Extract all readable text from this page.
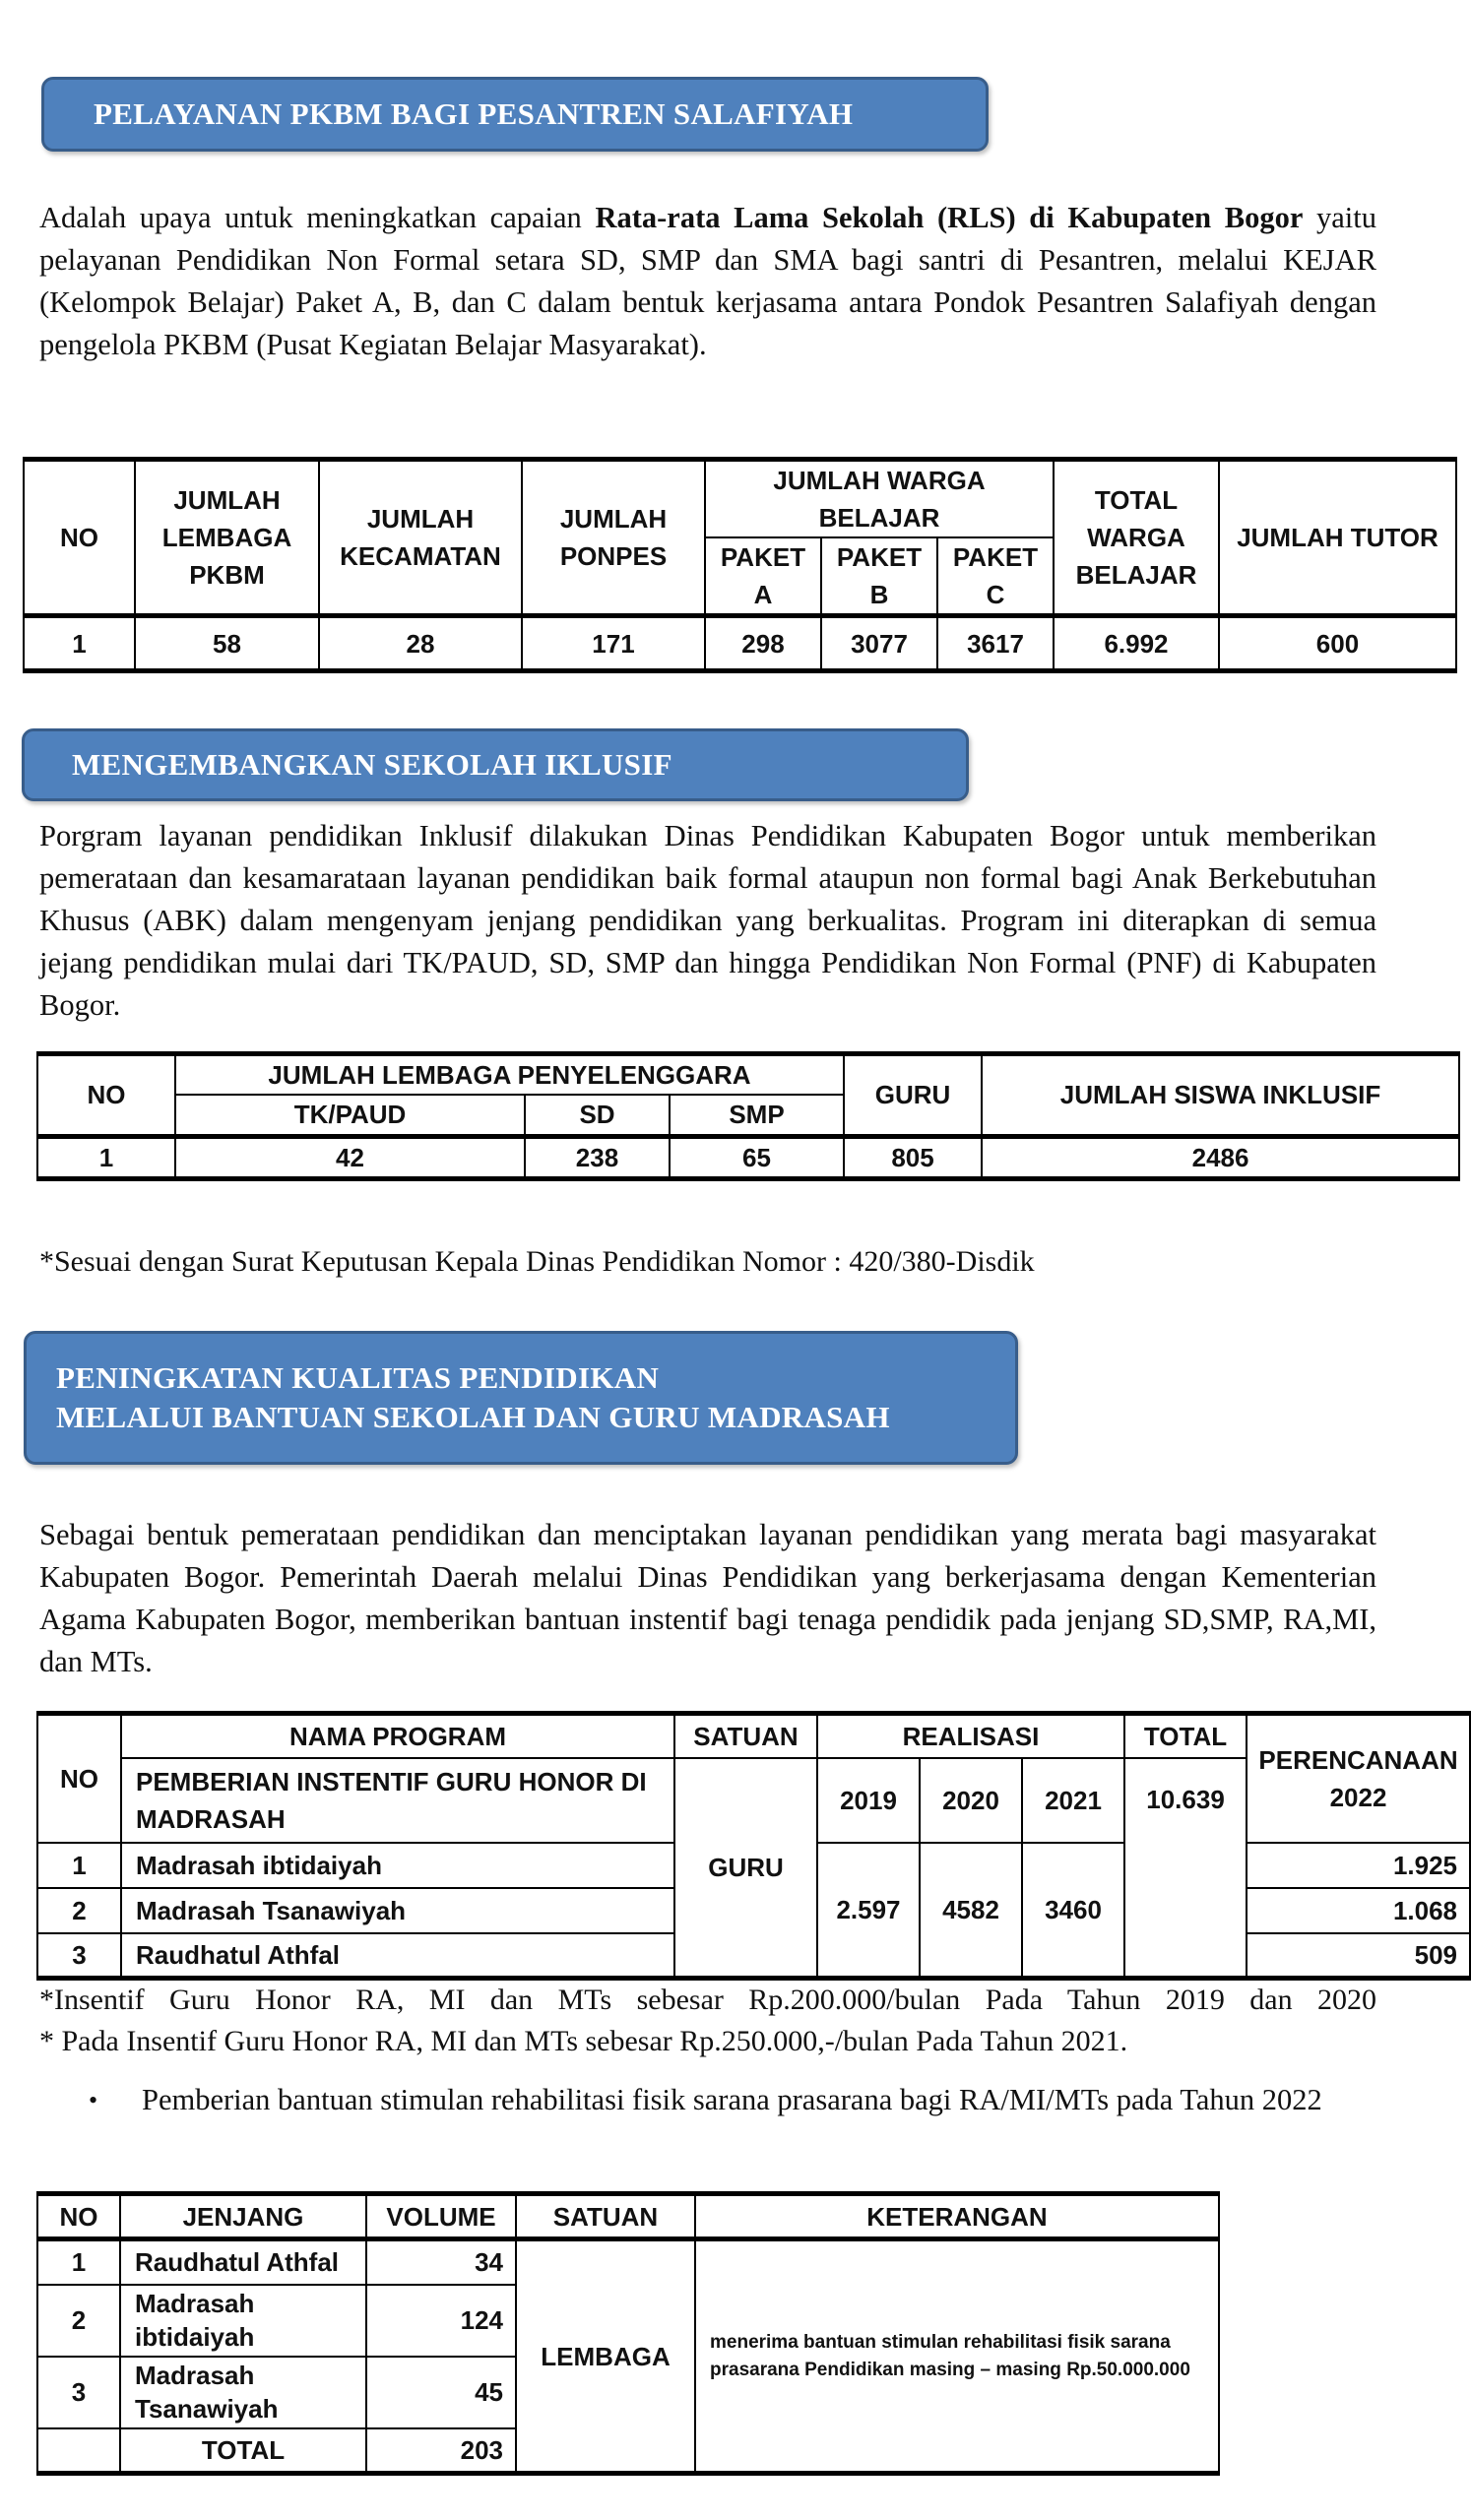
PELAYANAN PKBM BAGI PESANTREN SALAFIYAH

Adalah upaya untuk meningkatkan capaian Rata-rata Lama Sekolah (RLS) di Kabupaten Bogor yaitu pelayanan Pendidikan Non Formal setara SD, SMP dan SMA bagi santri di Pesantren, melalui KEJAR (Kelompok Belajar) Paket A, B, dan C dalam bentuk kerjasama antara Pondok Pesantren Salafiyah dengan pengelola PKBM (Pusat Kegiatan Belajar Masyarakat).

NO	JUMLAH LEMBAGA PKBM	JUMLAH KECAMATAN	JUMLAH PONPES	JUMLAH WARGA BELAJAR			TOTAL WARGA BELAJAR	JUMLAH TUTOR
				PAKET A	PAKET B	PAKET C		
1	58	28	171	298	3077	3617	6.992	600
MENGEMBANGKAN SEKOLAH IKLUSIF

Porgram layanan pendidikan Inklusif dilakukan Dinas Pendidikan Kabupaten Bogor untuk memberikan pemerataan dan kesamarataan layanan pendidikan baik formal ataupun non formal bagi Anak Berkebutuhan Khusus (ABK) dalam mengenyam jenjang pendidikan yang berkualitas. Program ini diterapkan di semua jejang pendidikan mulai dari TK/PAUD, SD, SMP dan hingga Pendidikan Non Formal (PNF) di Kabupaten Bogor.

NO	JUMLAH LEMBAGA PENYELENGGARA			GURU	JUMLAH SISWA INKLUSIF
	TK/PAUD	SD	SMP		
1	42	238	65	805	2486

*Sesuai dengan Surat Keputusan Kepala Dinas Pendidikan Nomor : 420/380-Disdik

PENINGKATAN KUALITAS PENDIDIKAN
MELALUI BANTUAN SEKOLAH DAN GURU MADRASAH

Sebagai bentuk pemerataan pendidikan dan menciptakan layanan pendidikan yang merata bagi masyarakat Kabupaten Bogor. Pemerintah Daerah melalui Dinas Pendidikan yang berkerjasama dengan Kementerian Agama Kabupaten Bogor, memberikan bantuan instentif bagi tenaga pendidik pada jenjang SD,SMP, RA,MI, dan MTs.

NO	NAMA PROGRAM	SATUAN	REALISASI			TOTAL	PERENCANAAN 2022
	PEMBERIAN INSTENTIF GURU HONOR DI MADRASAH	GURU	2019	2020	2021	10.639	
1	Madrasah ibtidaiyah		2.597	4582	3460		1.925
2	Madrasah Tsanawiyah						1.068
3	Raudhatul Athfal						509

*Insentif Guru Honor RA, MI dan MTs sebesar Rp.200.000/bulan Pada Tahun 2019 dan 2020

* Pada Insentif Guru Honor RA, MI dan MTs sebesar Rp.250.000,-/bulan Pada Tahun 2021.

•	Pemberian bantuan stimulan rehabilitasi fisik sarana prasarana bagi RA/MI/MTs pada Tahun 2022
NO	JENJANG	VOLUME	SATUAN	KETERANGAN
1	Raudhatul Athfal	34	LEMBAGA	menerima bantuan stimulan rehabilitasi fisik sarana prasarana Pendidikan masing – masing Rp.50.000.000
2	Madrasah ibtidaiyah	124		
3	Madrasah Tsanawiyah	45		
	TOTAL	203		
